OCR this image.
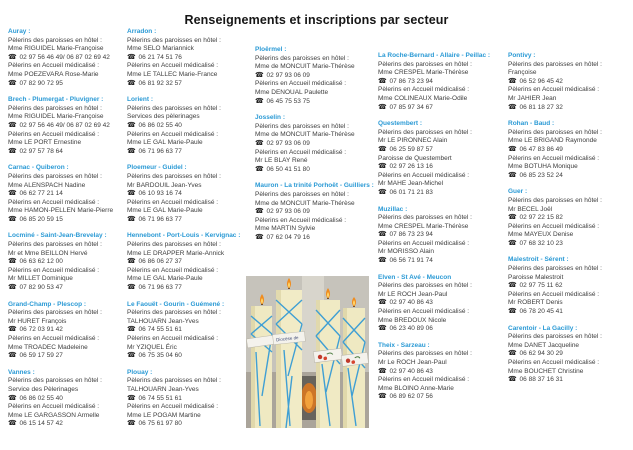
Renseignements et inscriptions par secteur
Auray :
Pèlerins des paroisses en hôtel :
Mme RIGUIDEL Marie-Françoise
☎ 02 97 56 46 49/ 06 87 02 69 42
Pèlerins en Accueil médicalisé :
Mme POEZEVARA Rose-Marie
☎ 07 82 90 72 95
Brech - Plumergat - Pluvigner :
Pèlerins des paroisses en hôtel :
Mme RIGUIDEL Marie-Françoise
☎ 02 97 56 46 49/ 06 87 02 69 42
Pèlerins en Accueil médicalisé :
Mme LE PORT Ernestine
☎ 02 97 57 78 64
Carnac - Quiberon :
Pèlerins des paroisses en hôtel :
Mme ALENSPACH Nadine
☎ 06 62 77 21 14
Pèlerins en Accueil médicalisé :
Mme HAMON-PELLEN Marie-Pierre
☎ 06 85 20 59 15
Locminé - Saint-Jean-Brevelay :
Pèlerins des paroisses en hôtel :
Mr et Mme BEILLON Hervé
☎ 06 63 62 12 00
Pèlerins en Accueil médicalisé :
Mr MILLET Dominique
☎ 07 82 90 53 47
Grand-Champ - Plescop :
Pèlerins des paroisses en hôtel :
Mr HURET François
☎ 06 72 03 91 42
Pèlerins en Accueil médicalisé :
Mme TROADEC Madeleine
☎ 06 59 17 59 27
Vannes :
Pèlerins des paroisses en hôtel :
Service des Pèlerinages
☎ 06 86 02 55 40
Pèlerins en Accueil médicalisé :
Mme LE GARGASSON Armelle
☎ 06 15 14 57 42
Arradon :
Pèlerins des paroisses en hôtel :
Mme SELO Mariannick
☎ 06 21 74 51 76
Pèlerins en Accueil médicalisé :
Mme LE TALLEC Marie-France
☎ 06 81 92 32 57
Lorient :
Pèlerins des paroisses en hôtel :
Services des pèlerinages
☎ 06 86 02 55 40
Pèlerins en Accueil médicalisé :
Mme LE GAL Marie-Paule
☎ 06 71 96 63 77
Ploemeur - Guidel :
Pèlerins des paroisses en hôtel :
Mr BARDOUIL Jean-Yves
☎ 06 10 93 16 74
Pèlerins en Accueil médicalisé :
Mme LE GAL Marie-Paule
☎ 06 71 96 63 77
Hennebont - Port-Louis - Kervignac :
Pèlerins des paroisses en hôtel :
Mme LE DRAPPER Marie-Annick
☎ 06 86 06 27 37
Pèlerins en Accueil médicalisé :
Mme LE GAL Marie-Paule
☎ 06 71 96 63 77
Le Faouët - Gourin - Guémené :
Pèlerins des paroisses en hôtel :
TALHOUARN Jean-Yves
☎ 06 74 55 51 61
Pèlerins en Accueil médicalisé :
Mr YZIQUEL Éric
☎ 06 75 35 04 60
Plouay :
Pèlerins des paroisses en hôtel :
TALHOUARN Jean-Yves
☎ 06 74 55 51 61
Pèlerins en Accueil médicalisé :
Mme LE POGAM Martine
☎ 06 75 61 97 80
Ploërmel :
Pèlerins des paroisses en hôtel :
Mme de MONCUIT Marie-Thérèse
☎ 02 97 93 06 09
Pèlerins en Accueil médicalisé :
Mme DENOUAL Paulette
☎ 06 45 75 53 75
Josselin :
Pèlerins des paroisses en hôtel :
Mme de MONCUIT Marie-Thérèse
☎ 02 97 93 06 09
Pèlerins en Accueil médicalisé :
Mr LE BLAY René
☎ 06 50 41 51 80
Mauron - La trinité Porhoët - Guilliers :
Pèlerins des paroisses en hôtel :
Mme de MONCUIT Marie-Thérèse
☎ 02 97 93 06 09
Pèlerins en Accueil médicalisé :
Mme MARTIN Sylvie
☎ 07 62 04 79 16
La Roche-Bernard - Allaire - Peillac :
Pèlerins des paroisses en hôtel :
Mme CRESPEL Marie-Thérèse
☎ 07 86 73 23 94
Pèlerins en Accueil médicalisé :
Mme COLINEAUX Marie-Odile
☎ 07 85 97 34 67
Questembert :
Pèlerins des paroisses en hôtel :
Mr LE PIRONNEC Alain
☎ 06 25 59 87 57
Paroisse de Questembert
☎ 02 97 26 13 16
Pèlerins en Accueil médicalisé :
Mr MAHE Jean-Michel
☎ 06 01 71 21 83
Muzillac :
Pèlerins des paroisses en hôtel :
Mme CRESPEL Marie-Thérèse
☎ 07 86 73 23 94
Pèlerins en Accueil médicalisé :
Mr MORISSO Alain
☎ 06 56 71 91 74
Elven - St Avé - Meucon
Pèlerins des paroisses en hôtel :
Mr LE ROCH Jean-Paul
☎ 02 97 40 86 43
Pèlerins en Accueil médicalisé :
Mme BREDOUX Nicole
☎ 06 23 40 89 06
Theix - Sarzeau :
Pèlerins des paroisses en hôtel :
Mr Le ROCH Jean-Paul
☎ 02 97 40 86 43
Pèlerins en Accueil médicalisé :
Mme BLOINO Anne-Marie
☎ 06 89 62 07 56
Pontivy :
Pèlerins des paroisses en hôtel :
Françoise
☎ 06 52 96 45 42
Pèlerins en Accueil médicalisé :
Mr JAHIER Jean
☎ 06 81 18 27 32
Rohan - Baud :
Pèlerins des paroisses en hôtel :
Mme LE BRIGAND Raymonde
☎ 06 47 83 86 49
Pèlerins en Accueil médicalisé :
Mme BOTUHA Monique
☎ 06 85 23 52 24
Guer :
Pèlerins des paroisses en hôtel :
Mr BECEL Joël
☎ 02 97 22 15 82
Pèlerins en Accueil médicalisé :
Mme MAYEUX Denise
☎ 07 68 32 10 23
Malestroit - Sérent :
Pèlerins des paroisses en hôtel :
Paroisse Malestroit
☎ 02 97 75 11 62
Pèlerins en Accueil médicalisé :
Mr ROBERT Denis
☎ 06 78 20 45 41
Carentoir - La Gacilly :
Pèlerins des paroisses en hôtel :
Mme DANET Jacqueline
☎ 06 62 94 30 29
Pèlerins en Accueil médicalisé :
Mme BOUCHET Christine
☎ 06 88 37 16 31
Diocèse de
